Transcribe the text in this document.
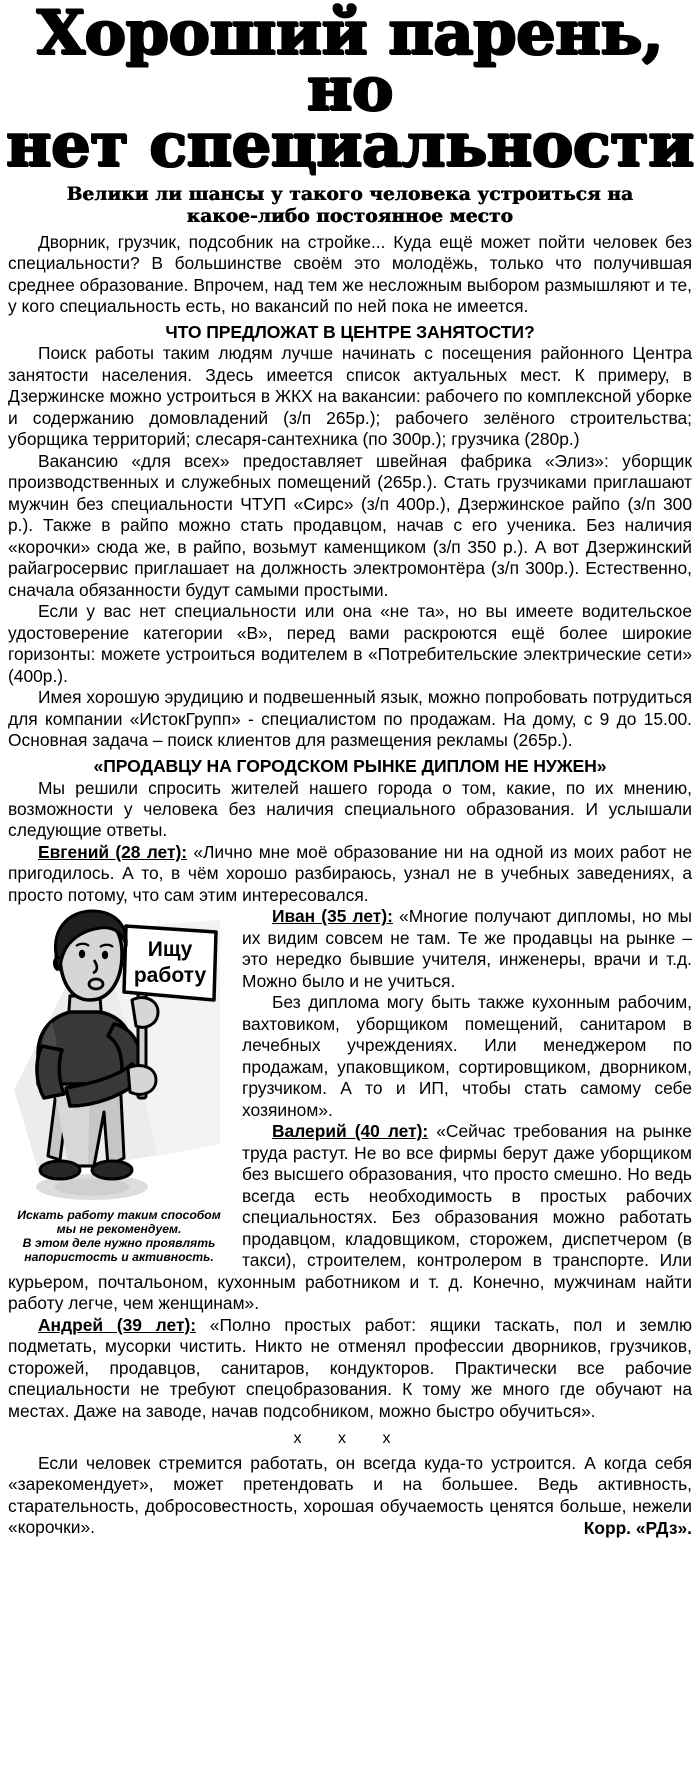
Хороший парень, но
нет специальности
Велики ли шансы у такого человека устроиться на какое-либо постоянное место

Дворник, грузчик, подсобник на стройке... Куда ещё может пойти человек без специальности? В большинстве своём это молодёжь, только что получившая среднее образование. Впрочем, над тем же несложным выбором размышляют и те, у кого специальность есть, но вакансий по ней пока не имеется.

ЧТО ПРЕДЛОЖАТ В ЦЕНТРЕ ЗАНЯТОСТИ?

Поиск работы таким людям лучше начинать с посещения районного Центра занятости населения. Здесь имеется список актуальных мест. К примеру, в Дзержинске можно устроиться в ЖКХ на вакансии: рабочего по комплексной уборке и содержанию домовладений (з/п 265р.); рабочего зелёного строительства; уборщика территорий; слесаря-сантехника (по 300р.); грузчика (280р.)

Вакансию «для всех» предоставляет швейная фабрика «Элиз»: уборщик производственных и служебных помещений (265р.). Стать грузчиками приглашают мужчин без специальности ЧТУП «Сирс» (з/п 400р.), Дзержинское райпо (з/п 300 р.). Также в райпо можно стать продавцом, начав с его ученика. Без наличия «корочки» сюда же, в райпо, возьмут каменщиком (з/п 350 р.). А вот Дзержинский райагросервис приглашает на должность электромонтёра (з/п 300р.). Естественно, сначала обязанности будут самыми простыми.

Если у вас нет специальности или она «не та», но вы имеете водительское удостоверение категории «В», перед вами раскроются ещё более широкие горизонты: можете устроиться водителем в «Потребительские электрические сети» (400р.).

Имея хорошую эрудицию и подвешенный язык, можно попробовать потрудиться для компании «ИстокГрупп» - специалистом по продажам. На дому, с 9 до 15.00. Основная задача – поиск клиентов для размещения рекламы (265р.).

«ПРОДАВЦУ НА ГОРОДСКОМ РЫНКЕ ДИПЛОМ НЕ НУЖЕН»

Мы решили спросить жителей нашего города о том, какие, по их мнению, возможности у человека без наличия специального образования. И услышали следующие ответы.

Евгений (28 лет): «Лично мне моё образование ни на одной из моих работ не пригодилось. А то, в чём хорошо разбираюсь, узнал не в учебных заведениях, а просто потому, что сам этим интересовался.

Ищу
работу
Искать работу таким способом
мы не рекомендуем.
В этом деле нужно проявлять
напористость и активность.

Иван (35 лет): «Многие получают дипломы, но мы их видим совсем не там. Те же продавцы на рынке – это нередко бывшие учителя, инженеры, врачи и т.д. Можно было и не учиться.

Без диплома могу быть также кухонным рабочим, вахтовиком, уборщиком помещений, санитаром в лечебных учреждениях. Или менеджером по продажам, упаковщиком, сортировщиком, дворником, грузчиком. А то и ИП, чтобы стать самому себе хозяином».

Валерий (40 лет): «Сейчас требования на рынке труда растут. Не во все фирмы берут даже уборщиком без высшего образования, что просто смешно. Но ведь всегда есть необходимость в простых рабочих специальностях. Без образования можно работать продавцом, кладовщиком, сторожем, диспетчером (в такси), строителем, контролером в транспорте. Или курьером, почтальоном, кухонным работником и т. д. Конечно, мужчинам найти работу легче, чем женщинам».

Андрей (39 лет): «Полно простых работ: ящики таскать, пол и землю подметать, мусорки чистить. Никто не отменял профессии дворников, грузчиков, сторожей, продавцов, санитаров, кондукторов. Практически все рабочие специальности не требуют спецобразования. К тому же много где обучают на местах. Даже на заводе, начав подсобником, можно быстро обучиться».

х х х

Если человек стремится работать, он всегда куда-то устроится. А когда себя «зарекомендует», может претендовать и на большее. Ведь активность, старательность, добросовестность, хорошая обучаемость ценятся больше, нежели «корочки».	Корр. «РДз».
